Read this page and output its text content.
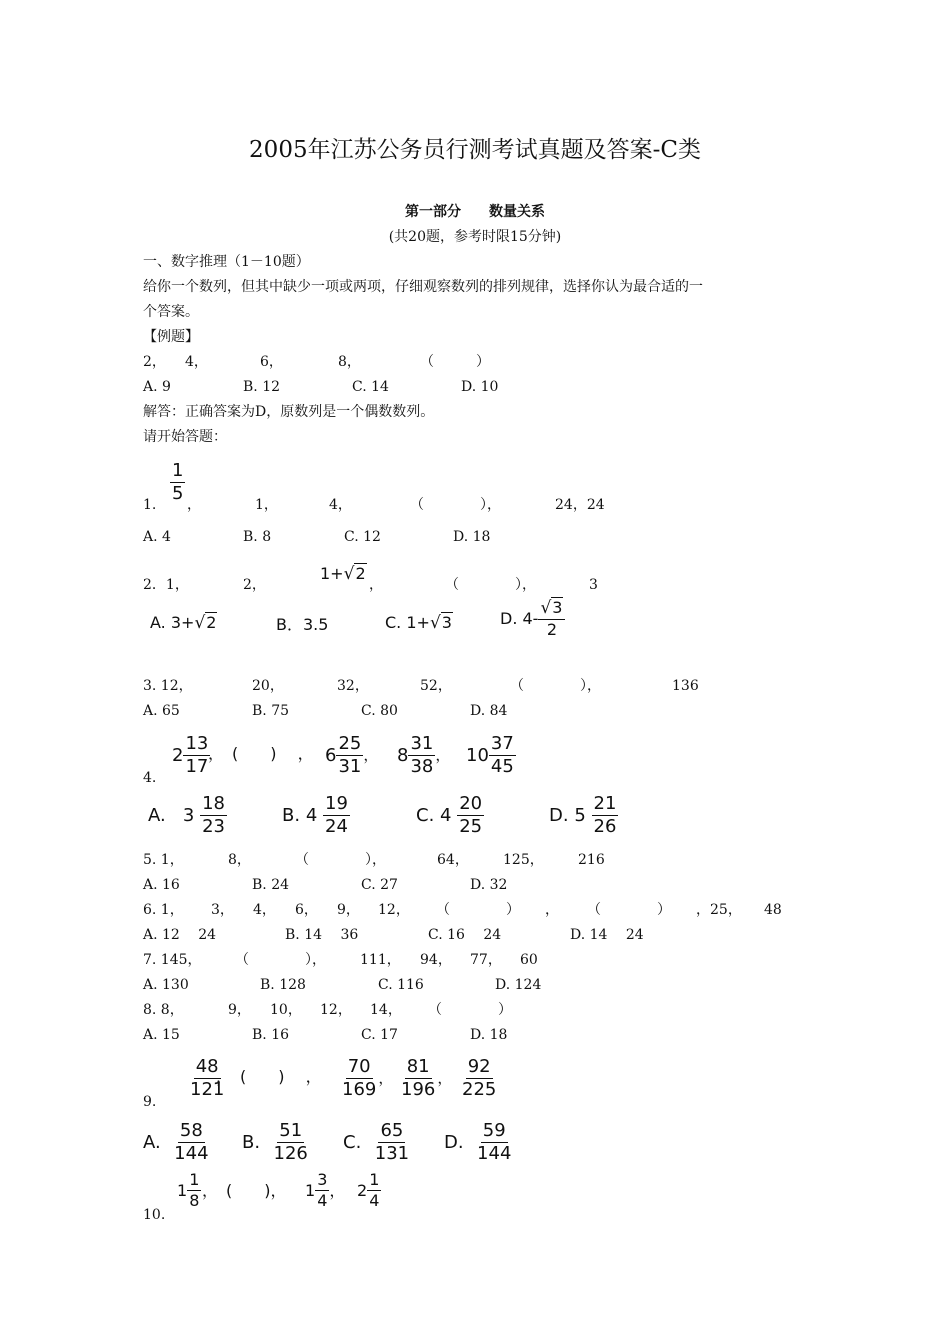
2005年江苏公务员行测考试真题及答案-C类
第一部分　　数量关系
(共20题，参考时限15分钟)
一、数字推理（1－10题）
给你一个数列，但其中缺少一项或两项，仔细观察数列的排列规律，选择你认为最合适的一
个答案。
【例题】
2， 4，	6，	8，	（　　　）
A. 9	B. 12	C. 14	D. 10
解答：正确答案为D，原数列是一个偶数数列。
请开始答题：
1.
$\frac{1}{5}$
，	1，	4，	（　　　　），	24，24
A. 4	B. 8	C. 12	D. 18
2．1，	2，
1+√2
，	（　　　　），	3
A. 3+√2	B．3.5	C. 1+√3	D.
$4- \frac{√3}{2}$
3. 12，	20，	32，	52，	（　　　　），	136
A. 65	B. 75	C. 80	D. 84
4.
$2 \frac{13}{17}$
，　(　　) 　， $6 \frac{25}{31}$ ， $8 \frac{31}{38}$ ， $10 \frac{37}{45}$
A.
3
$\frac{18}{23}$	B.
4
$\frac{19}{24}$	C.
4
$\frac{20}{25}$	D.
5
$\frac{21}{26}$
5. 1，	8，	（　　　　），	64， 125， 216
A. 16	B. 24	C. 27	D. 32
6. 1， 3， 4， 6， 9， 12， （　　　　） ， （　　　　） ，25， 48
A. 12　 24	B. 14　 36	C. 16　 24	D. 14　 24
7. 145， （　　　　）， 111， 94， 77， 60
A. 130	B. 128	C. 116	D. 124
8. 8，	9， 10， 12， 14， （　　　　）
A. 15	B. 16	C. 17	D. 18
9.
$\frac{48}{121}$
，　(　　) 　， $\frac{70}{169}$ ， $\frac{81}{196}$ ， $\frac{92}{225}$
A.
$\frac{58}{144} B$.
$\frac{51}{126} C$.
$\frac{65}{131} D$.
$\frac{59}{144}$
10.
$1 \frac{1}{8}$ ，　(　　)， $1 \frac{3}{4}$ ， $2 \frac{1}{4}$
